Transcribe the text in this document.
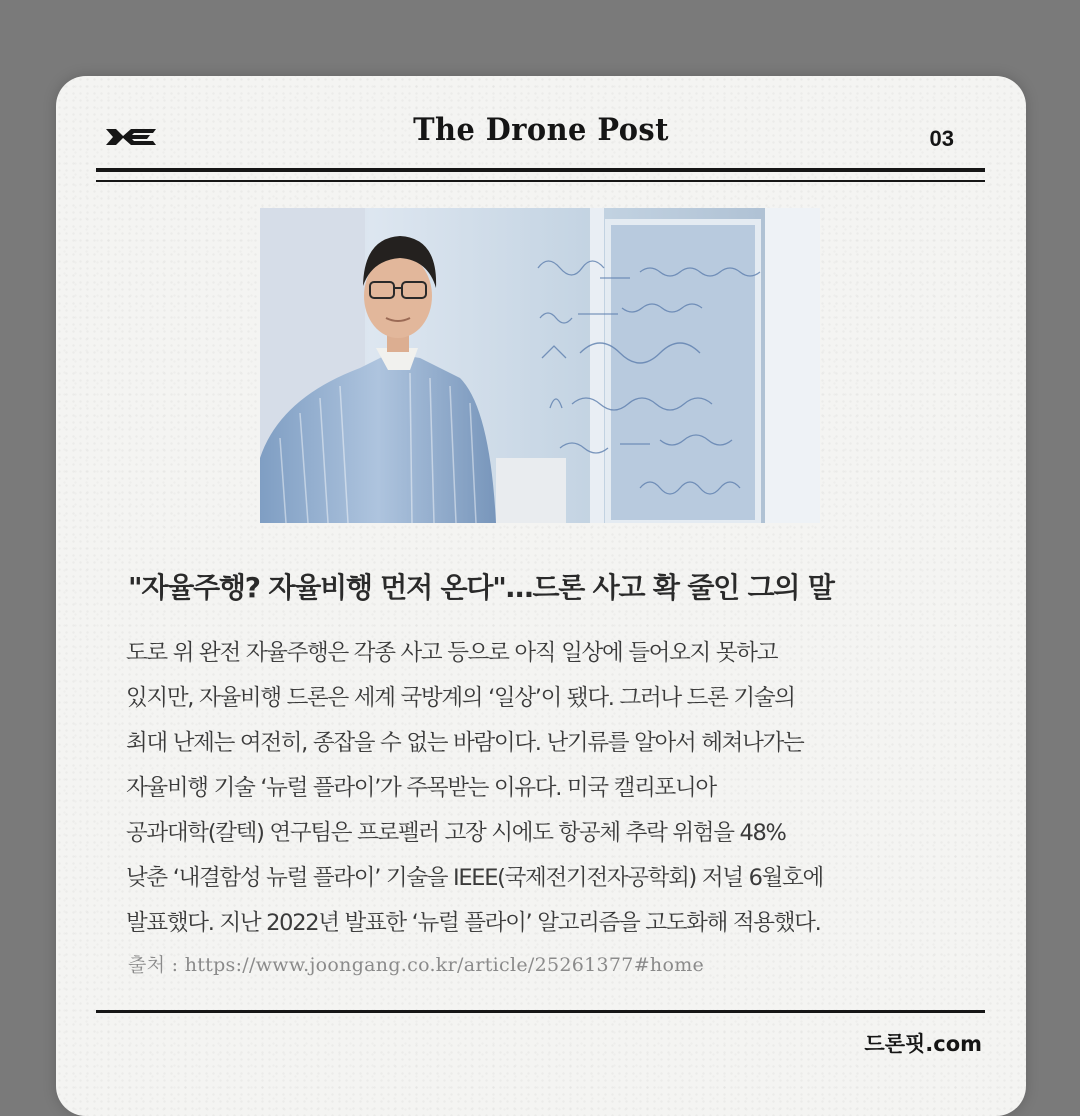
The Drone Post	03
"자율주행? 자율비행 먼저 온다"…드론 사고 확 줄인 그의 말

도로 위 완전 자율주행은 각종 사고 등으로 아직 일상에 들어오지 못하고
있지만, 자율비행 드론은 세계 국방계의 ‘일상’이 됐다. 그러나 드론 기술의
최대 난제는 여전히, 종잡을 수 없는 바람이다. 난기류를 알아서 헤쳐나가는
자율비행 기술 ‘뉴럴 플라이’가 주목받는 이유다. 미국 캘리포니아
공과대학(칼텍) 연구팀은 프로펠러 고장 시에도 항공체 추락 위험을 48%
낮춘 ‘내결함성 뉴럴 플라이’ 기술을 IEEE(국제전기전자공학회) 저널 6월호에
발표했다. 지난 2022년 발표한 ‘뉴럴 플라이’ 알고리즘을 고도화해 적용했다.

출처 : https://www.joongang.co.kr/article/25261377#home
드론핏.com
